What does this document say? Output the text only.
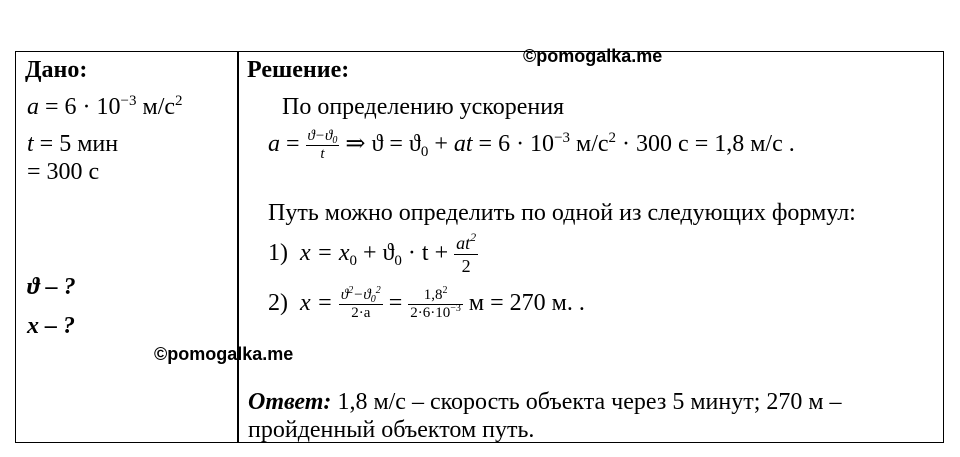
©pomogalka.me
©pomogalka.me
Дано:
$a = 6 \cdot 10^{-3}$ $м/с^2$
t = 5 мин
= 300 с
ϑ – ?
x – ?
Решение:
По определению ускорения
$a = \frac{ϑ-ϑ_0}{t}$ ⇒ $ϑ = ϑ_0$ + at = $6 \cdot 10^{-3}$ $м/с^2 \cdot 300$ с = 1,8 м/с .
Путь можно определить по одной из следующих формул:
1) $x = x_0 + ϑ_0 \cdot t + \frac{at^2}{2}$
2) $x = \frac{ϑ^2-ϑ_0^2}{2\cdot a} = \frac{1,8^2}{2\cdot 6\cdot 10^{-3}}$ м = 270 м. .
Ответ: 1,8 м/с – скорость объекта через 5 минут; 270 м –
пройденный объектом путь.
